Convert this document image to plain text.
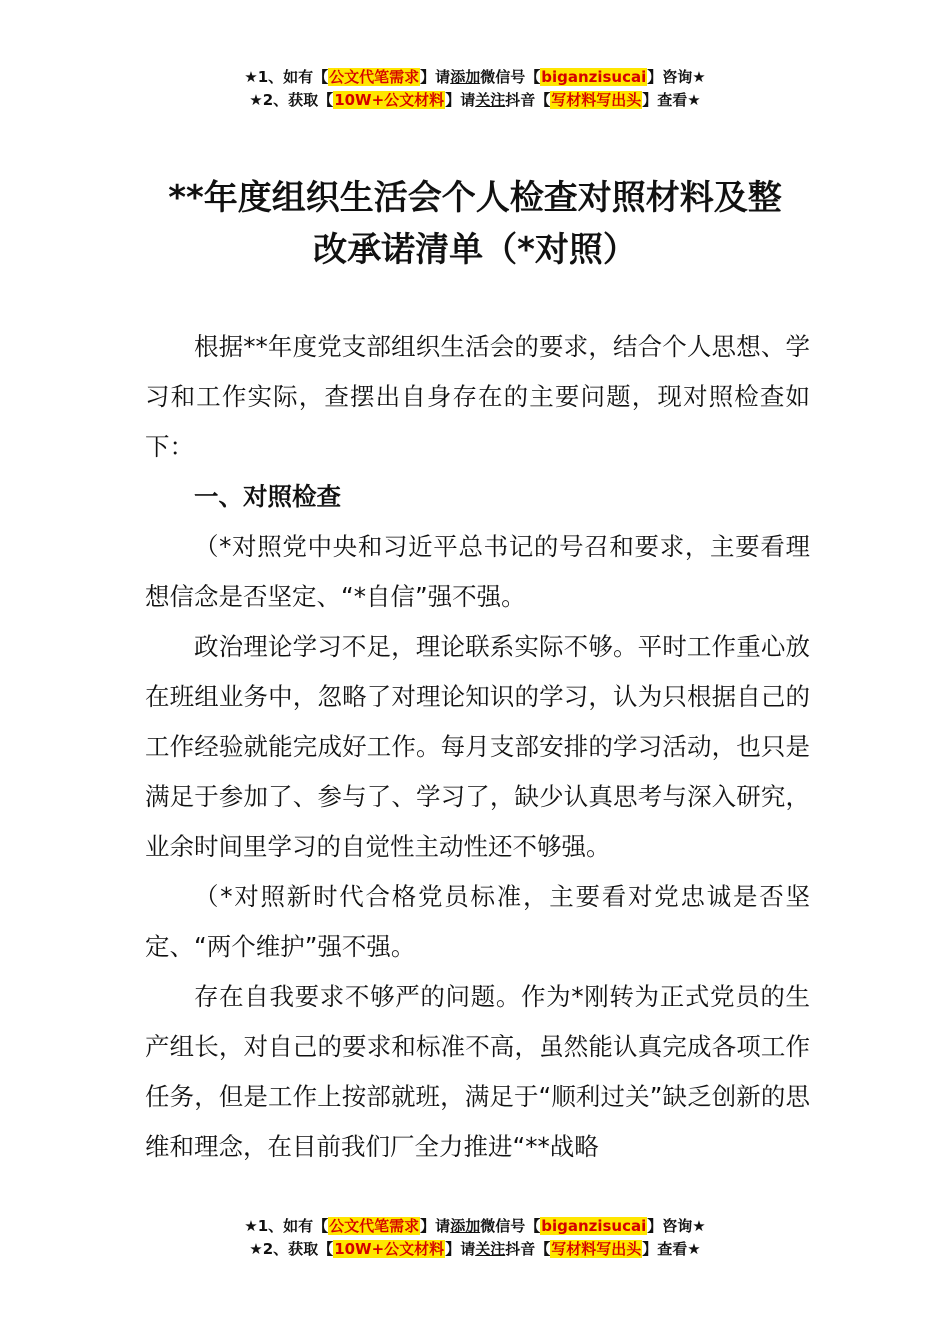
★1、如有【公文代笔需求】请添加微信号【biganzisucai】咨询★
★2、获取【10W+公文材料】请关注抖音【写材料写出头】查看★
**年度组织生活会个人检查对照材料及整
改承诺清单（*对照）

根据**年度党支部组织生活会的要求，结合个人思想、学习和工作实际，查摆出自身存在的主要问题，现对照检查如下：

一、对照检查

（*对照党中央和习近平总书记的号召和要求，主要看理想信念是否坚定、“*自信”强不强。

政治理论学习不足，理论联系实际不够。平时工作重心放在班组业务中，忽略了对理论知识的学习，认为只根据自己的工作经验就能完成好工作。每月支部安排的学习活动，也只是满足于参加了、参与了、学习了，缺少认真思考与深入研究，业余时间里学习的自觉性主动性还不够强。

（*对照新时代合格党员标准，主要看对党忠诚是否坚定、“两个维护”强不强。

存在自我要求不够严的问题。作为*刚转为正式党员的生产组长，对自己的要求和标准不高，虽然能认真完成各项工作任务，但是工作上按部就班，满足于“顺利过关”缺乏创新的思维和理念，在目前我们厂全力推进“**战略

★1、如有【公文代笔需求】请添加微信号【biganzisucai】咨询★
★2、获取【10W+公文材料】请关注抖音【写材料写出头】查看★
